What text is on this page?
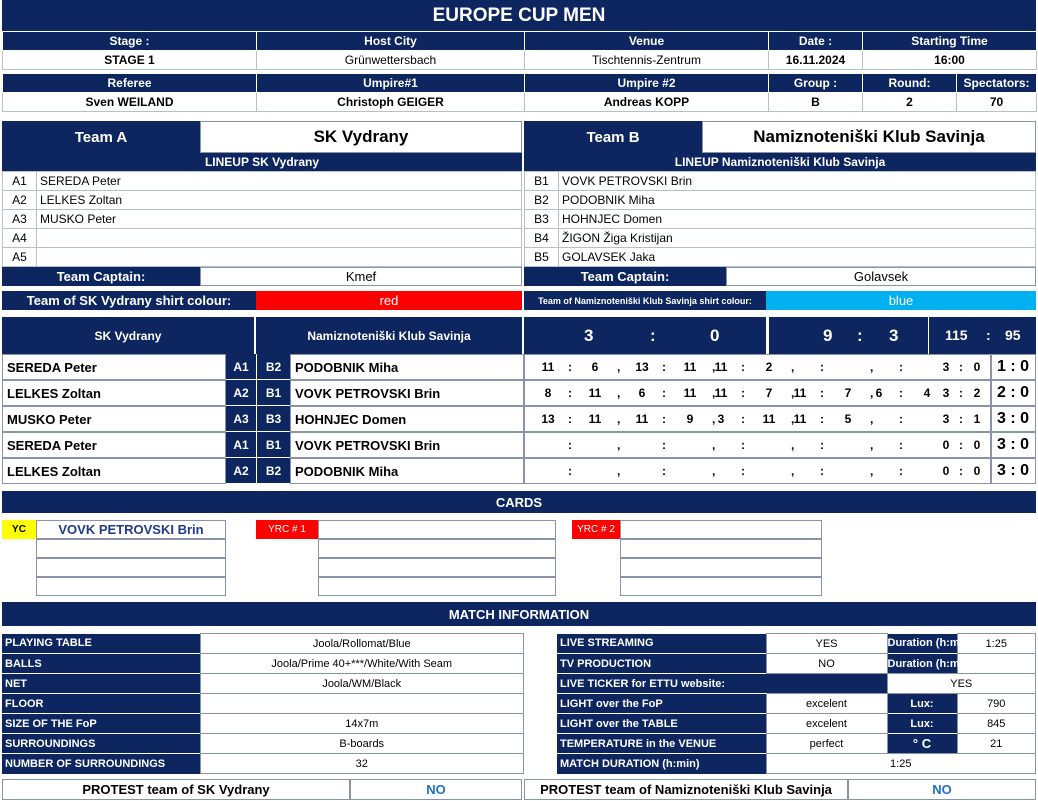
EUROPE CUP MEN
Stage :	Host City	Venue	Date :	Starting Time
STAGE 1	Grünwettersbach	Tischtennis-Zentrum	16.11.2024	16:00
Referee	Umpire#1	Umpire #2	Group :	Round:	Spectators:
Sven WEILAND	Christoph GEIGER	Andreas KOPP	B	2	70
Team A	SK Vydrany	Team B	Namiznoteniški Klub Savinja
LINEUP SK Vydrany	LINEUP Namiznoteniški Klub Savinja
A1	SEREDA Peter
A2	LELKES Zoltan
A3	MUSKO Peter
A4	
A5	
B1	VOVK PETROVSKI Brin
B2	PODOBNIK Miha
B3	HOHNJEC Domen
B4	ŽIGON Žiga Kristijan
B5	GOLAVSEK Jaka
Team Captain:	Kmef	Team Captain:	Golavsek
Team of SK Vydrany shirt colour:	red	Team of Namiznoteniški Klub Savinja shirt colour:	blue
SK Vydrany	Namiznoteniški Klub Savinja	3	:	0	9 : 3	115 : 95
SEREDA Peter	A1	B2	PODOBNIK Miha	11	:	6	,	13	:	11	, 11	:	2	, :	, :	3 : 0	1 : 0
LELKES Zoltan	A2	B1	VOVK PETROVSKI Brin	8	:	11	,	6	:	11	, 11	:	7	, 11	:	7	, 6	:	4	3 : 2	2 : 0
MUSKO Peter	A3	B3	HOHNJEC Domen	13	:	11	,	11	:	9	, 3	:	11	, 11	:	5	, :	3 : 1	3 : 0
SEREDA Peter	A1	B1	VOVK PETROVSKI Brin	:	,	:	, :	, :	, :	0 : 0	3 : 0
LELKES Zoltan	A2	B2	PODOBNIK Miha	:	,	:	, :	, :	, :	0 : 0	3 : 0
CARDS
YC	VOVK PETROVSKI Brin	YRC # 1	YRC # 2
MATCH INFORMATION
PLAYING TABLE	Joola/Rollomat/Blue
BALLS	Joola/Prime 40+***/White/With Seam
NET	Joola/WM/Black
FLOOR	
SIZE OF THE FoP	14x7m
SURROUNDINGS	B-boards
NUMBER OF SURROUNDINGS	32
LIVE STREAMING	YES	Duration (h:min)	1:25
TV PRODUCTION	NO	Duration (h:min)	
LIVE TICKER for ETTU website:		YES	
LIGHT over the FoP	excelent	Lux:	790
LIGHT over the TABLE	excelent	Lux:	845
TEMPERATURE in the VENUE	perfect	° C	21
MATCH DURATION (h:min)	1:25		
PROTEST team of SK Vydrany	NO	PROTEST team of Namiznoteniški Klub Savinja	NO
